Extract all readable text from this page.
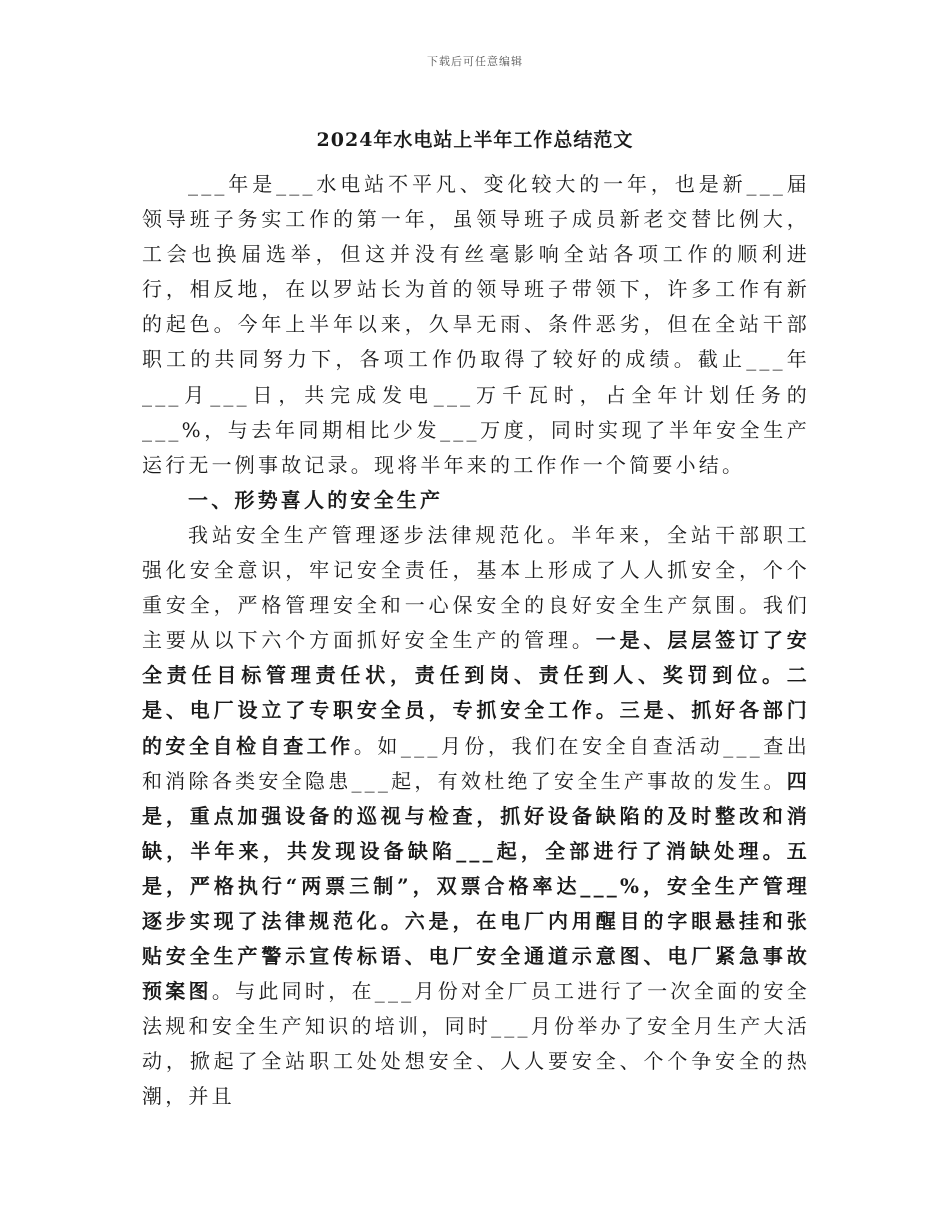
下载后可任意编辑
2024年水电站上半年工作总结范文

___年是___水电站不平凡、变化较大的一年，也是新___届领导班子务实工作的第一年，虽领导班子成员新老交替比例大，工会也换届选举，但这并没有丝毫影响全站各项工作的顺利进行，相反地，在以罗站长为首的领导班子带领下，许多工作有新的起色。今年上半年以来，久旱无雨、条件恶劣，但在全站干部职工的共同努力下，各项工作仍取得了较好的成绩。截止___年___月___日，共完成发电___万千瓦时，占全年计划任务的___%，与去年同期相比少发___万度，同时实现了半年安全生产运行无一例事故记录。现将半年来的工作作一个简要小结。

一、形势喜人的安全生产

我站安全生产管理逐步法律规范化。半年来，全站干部职工强化安全意识，牢记安全责任，基本上形成了人人抓安全，个个重安全，严格管理安全和一心保安全的良好安全生产氛围。我们主要从以下六个方面抓好安全生产的管理。一是、层层签订了安全责任目标管理责任状，责任到岗、责任到人、奖罚到位。二是、电厂设立了专职安全员，专抓安全工作。三是、抓好各部门的安全自检自查工作。如___月份，我们在安全自查活动___查出和消除各类安全隐患___起，有效杜绝了安全生产事故的发生。四是，重点加强设备的巡视与检查，抓好设备缺陷的及时整改和消缺，半年来，共发现设备缺陷___起，全部进行了消缺处理。五是，严格执行“两票三制”，双票合格率达___%，安全生产管理逐步实现了法律规范化。六是，在电厂内用醒目的字眼悬挂和张贴安全生产警示宣传标语、电厂安全通道示意图、电厂紧急事故预案图。与此同时，在___月份对全厂员工进行了一次全面的安全法规和安全生产知识的培训，同时___月份举办了安全月生产大活动，掀起了全站职工处处想安全、人人要安全、个个争安全的热潮，并且
